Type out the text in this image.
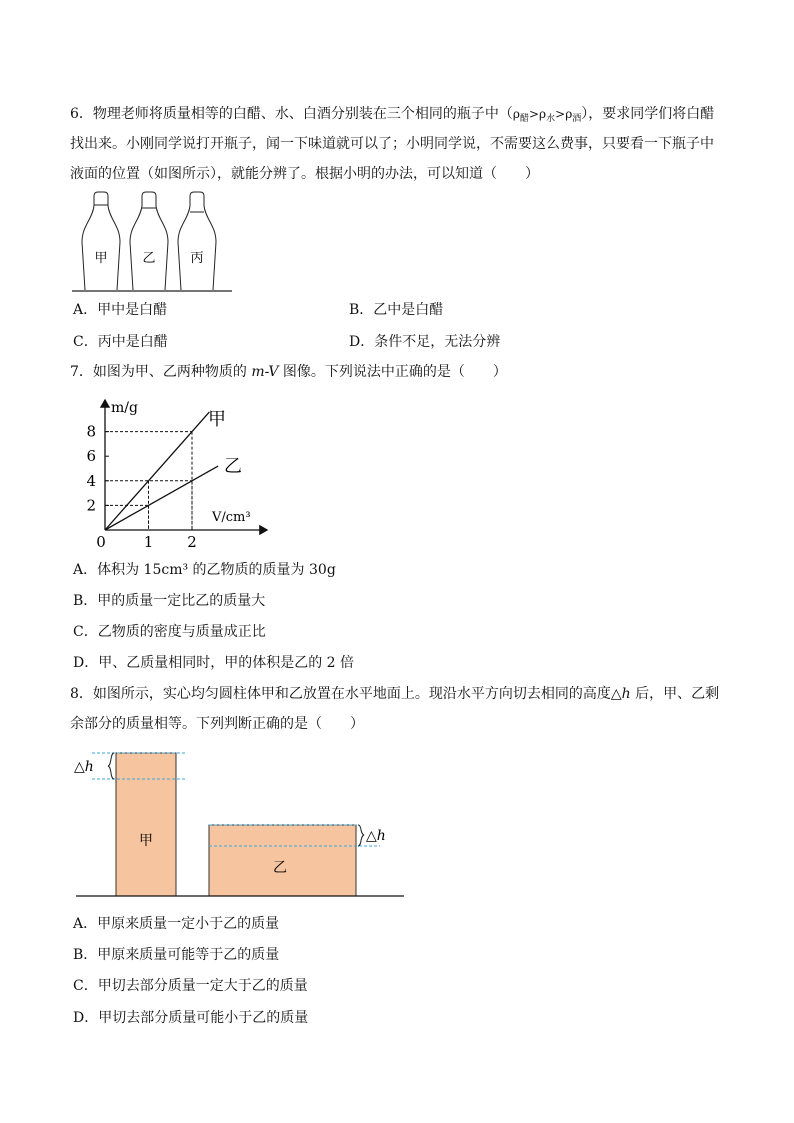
6．物理老师将质量相等的白醋、水、白酒分别装在三个相同的瓶子中$(\rho_醋>\rho_水>\rho_酒)$，要求同学们将白醋
找出来。小刚同学说打开瓶子，闻一下味道就可以了；小明同学说，不需要这么费事，只要看一下瓶子中
液面的位置（如图所示），就能分辨了。根据小明的办法，可以知道（　　）
甲	乙	丙
A．甲中是白醋	B．乙中是白醋
C．丙中是白醋	D．条件不足，无法分辨
7．如图为甲、乙两种物质的 m-V 图像。下列说法中正确的是（　　）
8
6
4
2
0	1 2
m/g
V/cm³
甲
乙
A．体积为 15cm³ 的乙物质的质量为 30g
B．甲的质量一定比乙的质量大
C．乙物质的密度与质量成正比
D．甲、乙质量相同时，甲的体积是乙的 2 倍
8．如图所示，实心均匀圆柱体甲和乙放置在水平地面上。现沿水平方向切去相同的高度△h 后，甲、乙剩
余部分的质量相等。下列判断正确的是（　　）
△h
甲	△h
乙
A．甲原来质量一定小于乙的质量
B．甲原来质量可能等于乙的质量
C．甲切去部分质量一定大于乙的质量
D．甲切去部分质量可能小于乙的质量
